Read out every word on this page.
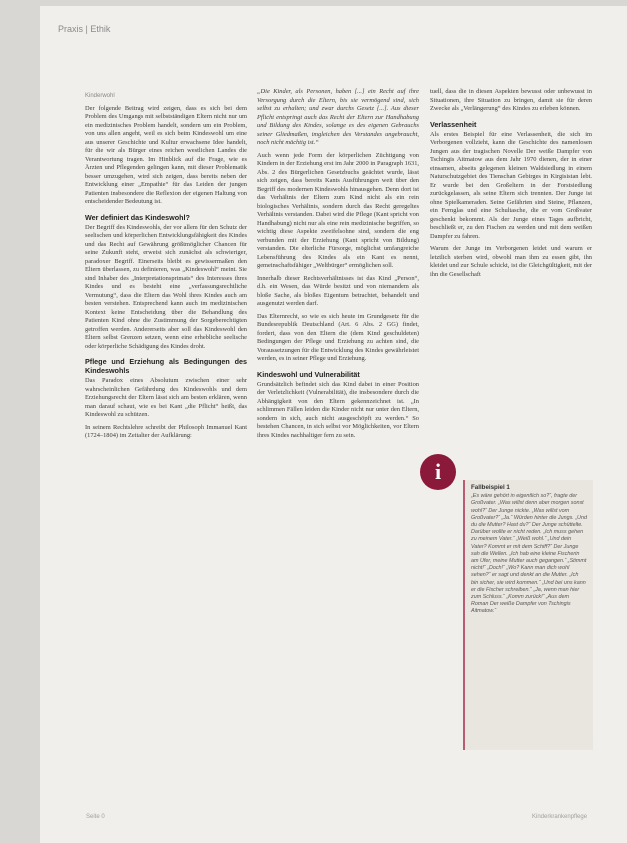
Praxis | Ethik
Kinderwohl

Der folgende Beitrag wird zeigen, dass es sich bei dem Problem des Umgangs mit selbstständigen Eltern nicht nur um ein medizinisches Problem handelt, sondern um ein Problem, von uns allen angeht, weil es sich beim Kindeswohl um eine aus unserer Geschichte und Kultur erwachsene Idee handelt, für die wir als Bürger eines reichen westlichen Landes die Verantwortung tragen. Im Hinblick auf die Frage, wie es Ärzten und Pflegenden gelingen kann, mit dieser Problematik besser umzugehen, wird sich zeigen, dass bereits neben der Entwicklung einer „Empathie“ für das Leiden der jungen Patienten insbesondere die Reflexion der eigenen Haltung von entscheidender Bedeutung ist.

Wer definiert das Kindeswohl?

Der Begriff des Kindeswohls, der vor allem für den Schutz der seelischen und körperlichen Entwicklungsfähigkeit des Kindes und das Recht auf Gewährung größtmöglicher Chancen für seine Zukunft steht, erweist sich zunächst als schwieriger, paradoxer Begriff. Einerseits bleibt es gewissermaßen den Eltern überlassen, zu definieren, was „Kindeswohl“ meint. Sie sind Inhaber des „Interpretationsprimats“ des Interesses ihres Kindes und es besteht eine „verfassungsrechtliche Vermutung“, dass die Eltern das Wohl ihres Kindes auch am besten verstehen. Entsprechend kann auch im medizinischen Kontext keine Entscheidung über die Behandlung des Patienten Kind ohne die Zustimmung der Sorgeberechtigten getroffen werden. Andererseits aber soll das Kindeswohl den Eltern selbst Grenzen setzen, wenn eine erhebliche seelische oder körperliche Schädigung des Kindes droht.

Pflege und Erziehung als Bedingungen des Kindeswohls

Das Paradox eines Absolutum zwischen einer sehr wahrscheinlichen Gefährdung des Kindeswohls und dem Erziehungsrecht der Eltern lässt sich am besten erklären, wenn man darauf schaut, wie es bei Kant „die Pflicht“ heißt, das Kindeswohl zu schützen.

In seinem Rechtslehre schreibt der Philosoph Immanuel Kant (1724–1804) im Zeitalter der Aufklärung:

„Die Kinder, als Personen, haben [...] ein Recht auf ihre Versorgung durch die Eltern, bis sie vermögend sind, sich selbst zu erhalten; und zwar durchs Gesetz [...]. Aus dieser Pflicht entspringt auch das Recht der Eltern zur Handhabung und Bildung des Kindes, solange es des eigenen Gebrauchs seiner Gliedmaßen, imgleichen des Verstandes ungebraucht, noch nicht mächtig ist.“

Auch wenn jede Form der körperlichen Züchtigung von Kindern in der Erziehung erst im Jahr 2000 in Paragraph 1631, Abs. 2 des Bürgerlichen Gesetzbuchs geächtet wurde, lässt sich zeigen, dass bereits Kants Ausführungen weit über den Begriff des modernen Kindeswohls hinausgehen. Denn dort ist das Verhältnis der Eltern zum Kind nicht als ein rein biologisches Verhältnis, sondern durch das Recht geregeltes Verhältnis verstanden. Dabei wird die Pflege (Kant spricht von Handhabung) nicht nur als eine rein medizinische begriffen, so wichtig diese Aspekte zweifelsohne sind, sondern die eng verbunden mit der Erziehung (Kant spricht von Bildung) verstanden. Die elterliche Fürsorge, möglichst umfangreiche Lebensführung des Kindes als ein Kant es nennt, gemeinschaftsfähiger „Weltbürger“ ermöglichen soll.

Innerhalb dieser Rechtsverhältnisses ist das Kind „Person“, d.h. ein Wesen, das Würde besitzt und von niemandem als bloße Sache, als bloßes Eigentum betrachtet, behandelt und ausgenutzt werden darf.

Das Elternrecht, so wie es sich heute im Grundgesetz für die Bundesrepublik Deutschland (Art. 6 Abs. 2 GG) findet, fordert, dass von den Eltern die (dem Kind geschuldeten) Bedingungen der Pflege und Erziehung zu achten sind, die Voraussetzungen für die Entwicklung des Kindes gewährleistet werden, es in seiner Pflege und Erziehung.

Kindeswohl und Vulnerabilität

Grundsätzlich befindet sich das Kind dabei in einer Position der Verletzlichkeit (Vulnerabilität), die insbesondere durch die Abhängigkeit von den Eltern gekennzeichnet ist. „In schlimmen Fällen leiden die Kinder nicht nur unter den Eltern, sondern in sich, auch nicht ausgeschöpft zu werden.“ So bestehen Chancen, in sich selbst vor Möglichkeiten, vor Eltern ihres Kindes nachhaltiger fern zu sein.

tuell, dass die in diesen Aspekten bewusst oder unbewusst in Situationen, ihre Situation zu bringen, damit sie für deren Zwecke als „Verlängerung“ des Kindes zu erleben können.

Verlassenheit

Als erstes Beispiel für eine Verlassenheit, die sich im Verborgenen vollzieht, kann die Geschichte des namenlosen Jungen aus der tragischen Novelle Der weiße Dampfer von Tschingis Aitmatow aus dem Jahr 1970 dienen, der in einer einsamen, abseits gelegenen kleinen Waldsiedlung in einem Naturschutzgebiet des Tienschan Gebirges in Kirgisistan lebt. Er wurde bei den Großeltern in der Forstsiedlung zurückgelassen, als seine Eltern sich trennten. Der Junge ist ohne Spielkameraden. Seine Gefährten sind Steine, Pflanzen, ein Fernglas und eine Schultasche, die er vom Großvater geschenkt bekommt. Als der Junge eines Tages aufbricht, beschließt er, zu den Fischen zu werden und mit dem weißen Dampfer zu fahren.

Warum der Junge im Verborgenen leidet und warum er letztlich sterben wird, obwohl man ihm zu essen gibt, ihn kleidet und zur Schule schickt, ist die Gleichgültigkeit, mit der ihn die Gesellschaft

i
Fallbeispiel 1
„Es wäre gehört in eigentlich so?“, fragte der Großvater. „Was willst denn aber morgen sonst wohl?“ Der Junge nickte. „Was willst vom Großvater?“ „Ja.“ Würden hinter die Jungs. „Und du die Mutter? Hast du?“ Der Junge schüttelte. Darüber wollte er nicht reden. „Ich muss gehen zu meinem Vater.“ „Weiß wohl.“ „Und dein Vater? Kommt er mit dem Schiff?“ Der Junge sah die Wellen. „Ich hab eine kleine Fischerin am Ufer, meine Mutter auch gegangen.“ „Stimmt nicht!“ „Doch!“ „Wo? Kann man dich wohl sehen?“ er sagt und denkt an die Mutter. „Ich bin sicher, sie wird kommen.“ „Und bei uns kann er die Fischer schreiben.“ „Ja, wenn man hier zum Schluss.“ „Komm zurück!“ „Aus dem Roman Der weiße Dampfer von Tschingis Aitmatow.“
Seite 0	Kinderkrankenpflege
